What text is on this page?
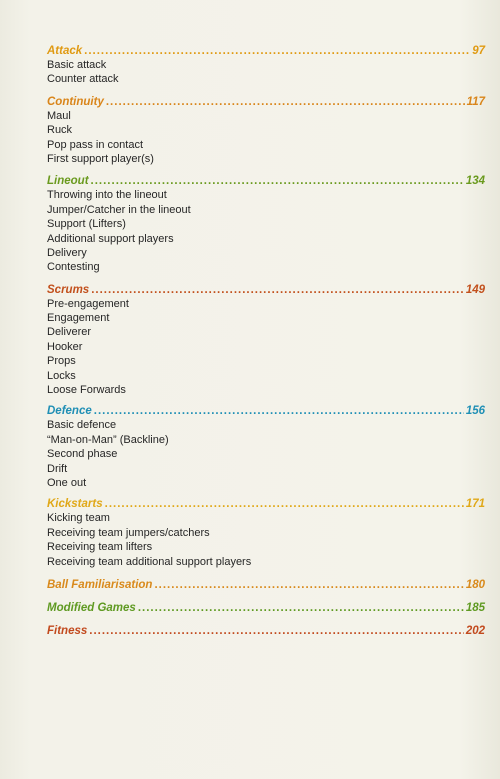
Attack .....	97
Basic attack
Counter attack
Continuity .....	117
Maul
Ruck
Pop pass in contact
First support player(s)
Lineout .....	134
Throwing into the lineout
Jumper/Catcher in the lineout
Support (Lifters)
Additional support players
Delivery
Contesting
Scrums .....	149
Pre-engagement
Engagement
Deliverer
Hooker
Props
Locks
Loose Forwards
Defence .....	156
Basic defence
“Man-on-Man” (Backline)
Second phase
Drift
One out
Kickstarts .....	171
Kicking team
Receiving team jumpers/catchers
Receiving team lifters
Receiving team additional support players
Ball Familiarisation .....	180
Modified Games .....	185
Fitness .....	202
